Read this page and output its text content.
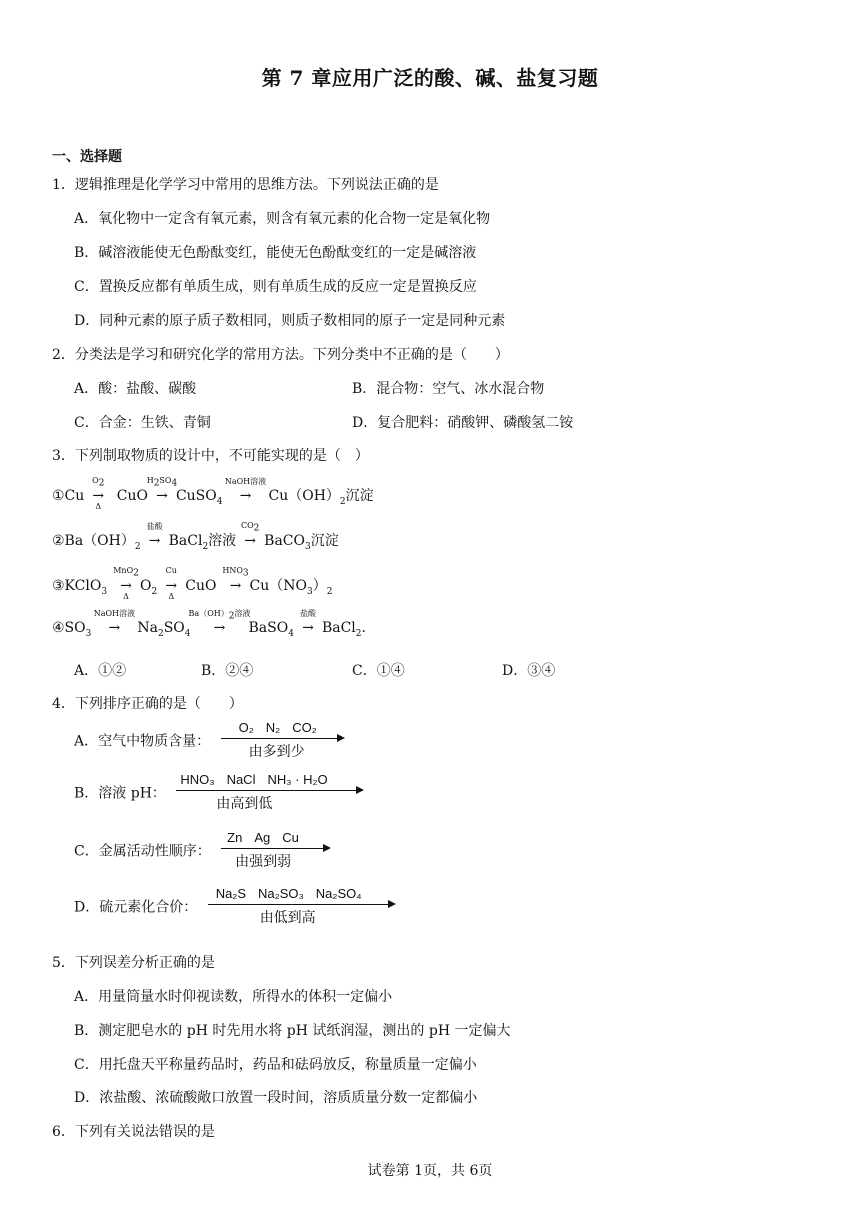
第 7 章应用广泛的酸、碱、盐复习题
一、选择题
1．逻辑推理是化学学习中常用的思维方法。下列说法正确的是
A．氧化物中一定含有氧元素，则含有氧元素的化合物一定是氧化物
B．碱溶液能使无色酚酞变红，能使无色酚酞变红的一定是碱溶液
C．置换反应都有单质生成，则有单质生成的反应一定是置换反应
D．同种元素的原子质子数相同，则质子数相同的原子一定是同种元素
2．分类法是学习和研究化学的常用方法。下列分类中不正确的是（　　）
A．酸：盐酸、碳酸	B．混合物：空气、冰水混合物
C．合金：生铁、青铜	D．复合肥料：硝酸钾、磷酸氢二铵
3．下列制取物质的设计中，不可能实现的是（　）
①Cu
$O_2$
→
Δ
CuO
$H_2SO_4$
→ CuSO$_4$
NaOH溶液
→ $Cu(OH)_2$沉淀
$②Ba(OH)_2$
盐酸
→ BaCl$_2$溶液
$CO_2$
→ BaCO$_3$沉淀
③KClO$_3$
MnO$_2$
→
Δ
$O_2$
Cu
→
Δ
CuO
$HNO_3$
→ $Cu(NO_3)_2$
$④SO_3$
NaOH溶液
→ $Na_2SO_4$
$Ba(OH)_2$溶液
→ BaSO$_4$
盐酸
→ BaCl$_2$.
A．①②	B．②④	C．①④	D．③④
4．下列排序正确的是（　　）
A．空气中物质含量：
O₂ N₂ CO₂
由多到少
B．溶液 pH：
HNO₃ NaCl NH₃ · H₂O
由高到低
C．金属活动性顺序：
Zn Ag Cu
由强到弱
D．硫元素化合价：
Na₂S Na₂SO₃ Na₂SO₄
由低到高
5．下列误差分析正确的是
A．用量筒量水时仰视读数，所得水的体积一定偏小
B．测定肥皂水的 pH 时先用水将 pH 试纸润湿，测出的 pH 一定偏大
C．用托盘天平称量药品时，药品和砝码放反，称量质量一定偏小
D．浓盐酸、浓硫酸敞口放置一段时间，溶质质量分数一定都偏小
6．下列有关说法错误的是
试卷第 1页，共 6页
